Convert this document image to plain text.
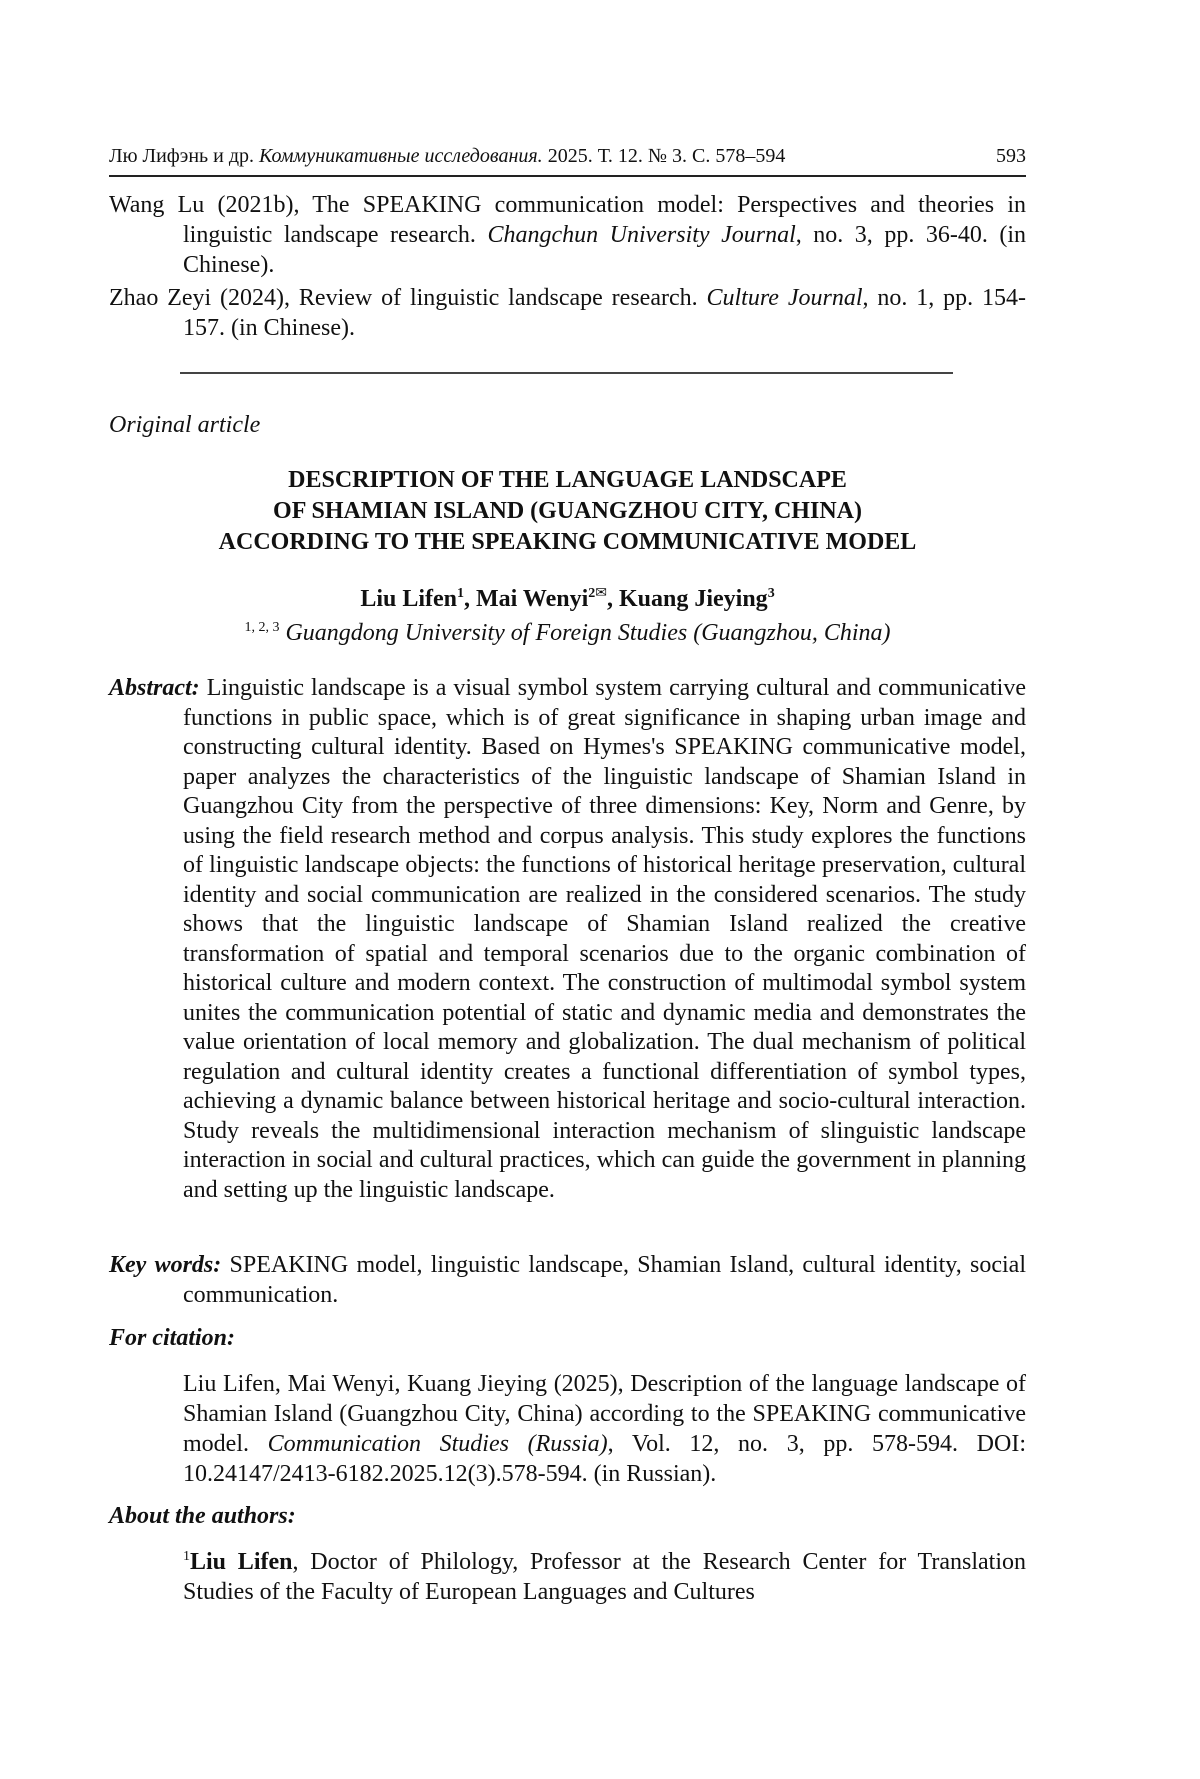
Лю Лифэнь и др. Коммуникативные исследования. 2025. Т. 12. № 3. С. 578–594	593
Wang Lu (2021b), The SPEAKING communication model: Perspectives and theories in linguistic landscape research. Changchun University Journal, no. 3, pp. 36-40. (in Chinese).
Zhao Zeyi (2024), Review of linguistic landscape research. Culture Journal, no. 1, pp. 154-157. (in Chinese).
Original article
DESCRIPTION OF THE LANGUAGE LANDSCAPE
OF SHAMIAN ISLAND (GUANGZHOU CITY, CHINA)
ACCORDING TO THE SPEAKING COMMUNICATIVE MODEL
Liu Lifen$^1$, Mai Wenyi$^{2✉}$, Kuang Jieying$^3$
$^{1, 2, 3}$ Guangdong University of Foreign Studies (Guangzhou, China)
Abstract: Linguistic landscape is a visual symbol system carrying cultural and communicative functions in public space, which is of great significance in shaping urban image and constructing cultural identity. Based on Hymes's SPEAKING communicative model, paper analyzes the characteristics of the linguistic landscape of Shamian Island in Guangzhou City from the perspective of three dimensions: Key, Norm and Genre, by using the field research method and corpus analysis. This study explores the functions of linguistic landscape objects: the functions of historical heritage preservation, cultural identity and social communication are realized in the considered scenarios. The study shows that the linguistic landscape of Shamian Island realized the creative transformation of spatial and temporal scenarios due to the organic combination of historical culture and modern context. The construction of multimodal symbol system unites the communication potential of static and dynamic media and demonstrates the value orientation of local memory and globalization. The dual mechanism of political regulation and cultural identity creates a functional differentiation of symbol types, achieving a dynamic balance between historical heritage and socio-cultural interaction. Study reveals the multidimensional interaction mechanism of slinguistic landscape interaction in social and cultural practices, which can guide the government in planning and setting up the linguistic landscape.
Key words: SPEAKING model, linguistic landscape, Shamian Island, cultural identity, social communication.
For citation:
Liu Lifen, Mai Wenyi, Kuang Jieying (2025), Description of the language landscape of Shamian Island (Guangzhou City, China) according to the SPEAKING communicative model. Communication Studies (Russia), Vol. 12, no. 3, pp. 578-594. DOI: 10.24147/2413-6182.2025.12(3).578-594. (in Russian).
About the authors:
$^1$Liu Lifen, Doctor of Philology, Professor at the Research Center for Translation Studies of the Faculty of European Languages and Cultures
